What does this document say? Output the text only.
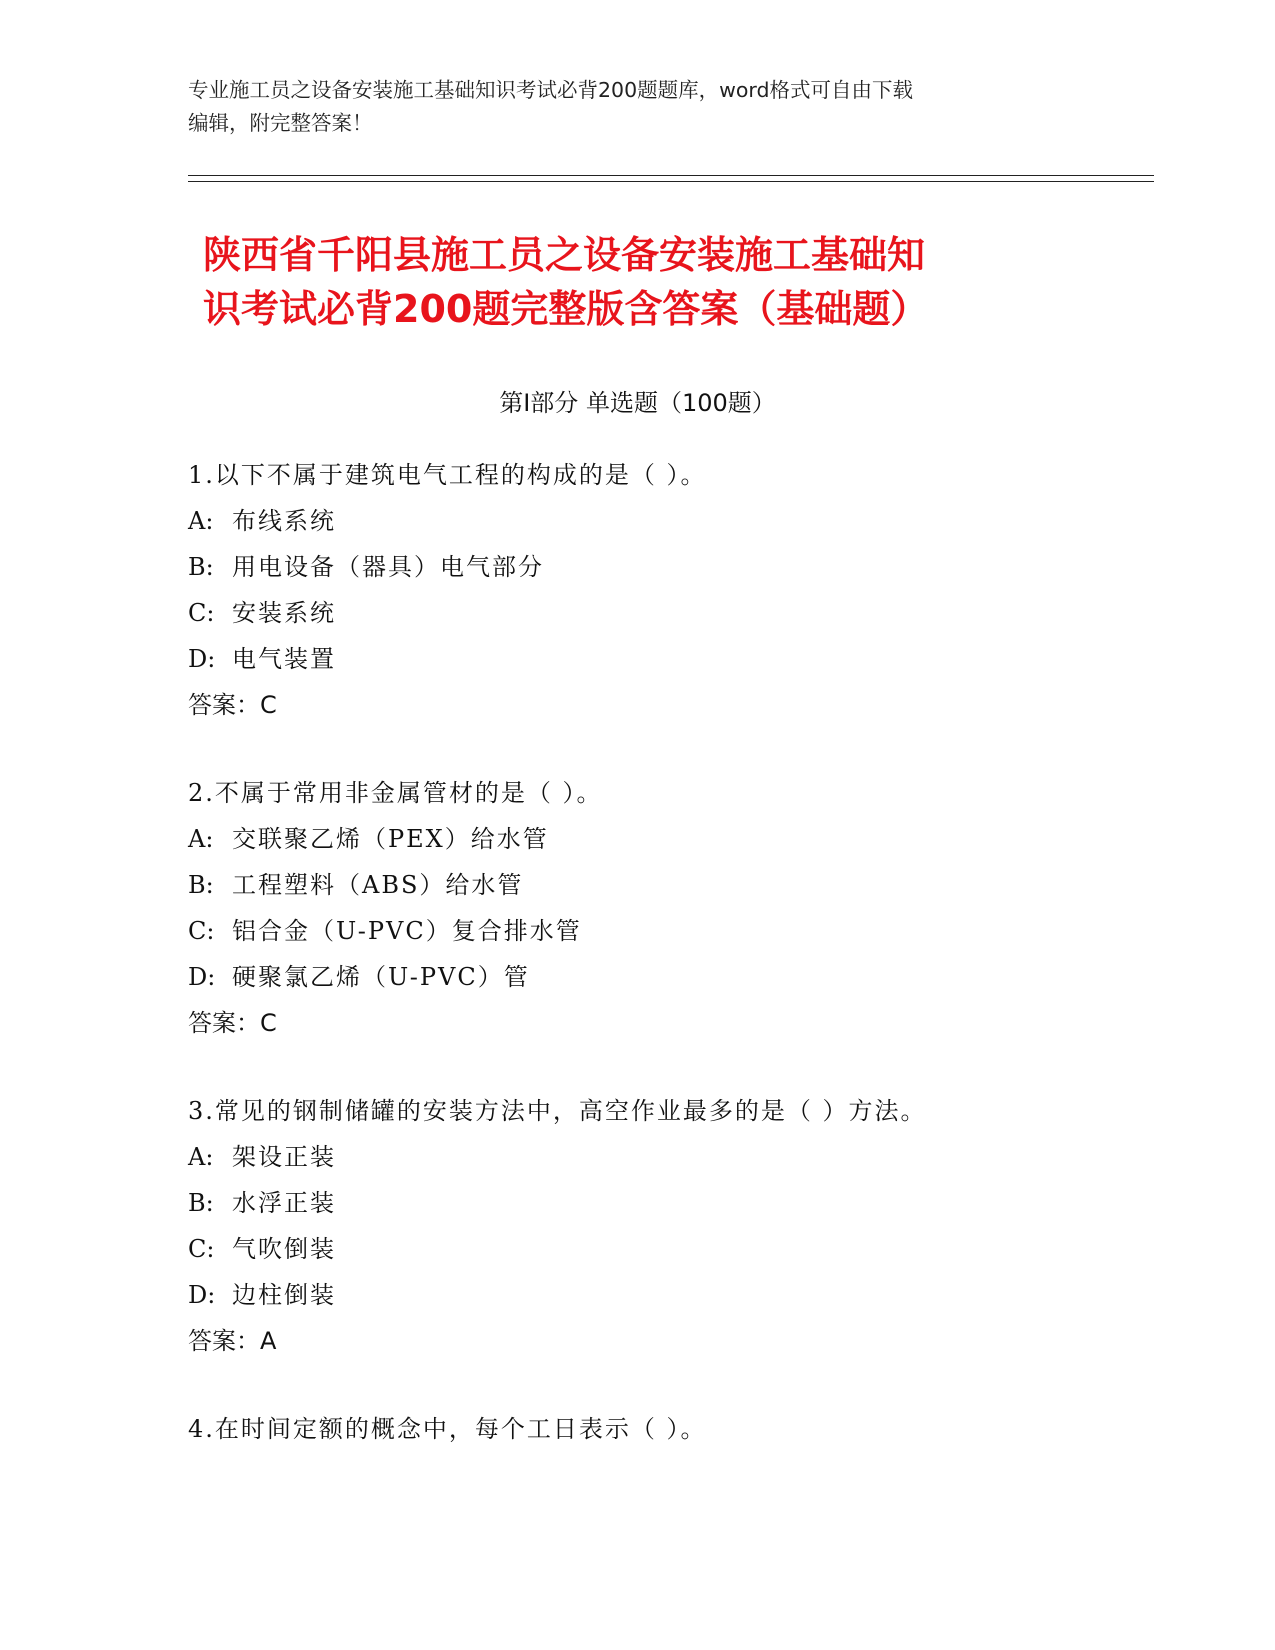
专业施工员之设备安装施工基础知识考试必背200题题库，word格式可自由下载
编辑，附完整答案！
陕西省千阳县施工员之设备安装施工基础知
识考试必背200题完整版含答案（基础题）
第Ⅰ部分 单选题（100题）
1.以下不属于建筑电气工程的构成的是（ ）。
A: 布线系统
B: 用电设备（器具）电气部分
C: 安装系统
D: 电气装置
答案：C
2.不属于常用非金属管材的是（ ）。
A: 交联聚乙烯（PEX）给水管
B: 工程塑料（ABS）给水管
C: 铝合金（U-PVC）复合排水管
D: 硬聚氯乙烯（U-PVC）管
答案：C
3.常见的钢制储罐的安装方法中，高空作业最多的是（ ）方法。
A: 架设正装
B: 水浮正装
C: 气吹倒装
D: 边柱倒装
答案：A
4.在时间定额的概念中，每个工日表示（ ）。
